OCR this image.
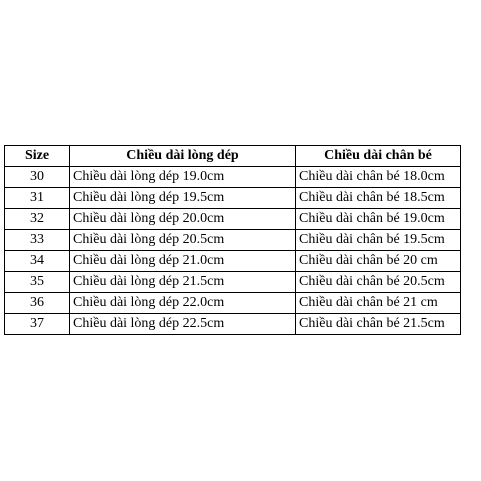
Size	Chiều dài lòng dép	Chiều dài chân bé
30	Chiều dài lòng dép 19.0cm	Chiều dài chân bé 18.0cm
31	Chiều dài lòng dép 19.5cm	Chiều dài chân bé 18.5cm
32	Chiều dài lòng dép 20.0cm	Chiều dài chân bé 19.0cm
33	Chiều dài lòng dép 20.5cm	Chiều dài chân bé 19.5cm
34	Chiều dài lòng dép 21.0cm	Chiều dài chân bé 20 cm
35	Chiều dài lòng dép 21.5cm	Chiều dài chân bé 20.5cm
36	Chiều dài lòng dép 22.0cm	Chiều dài chân bé 21 cm
37	Chiều dài lòng dép 22.5cm	Chiều dài chân bé 21.5cm
